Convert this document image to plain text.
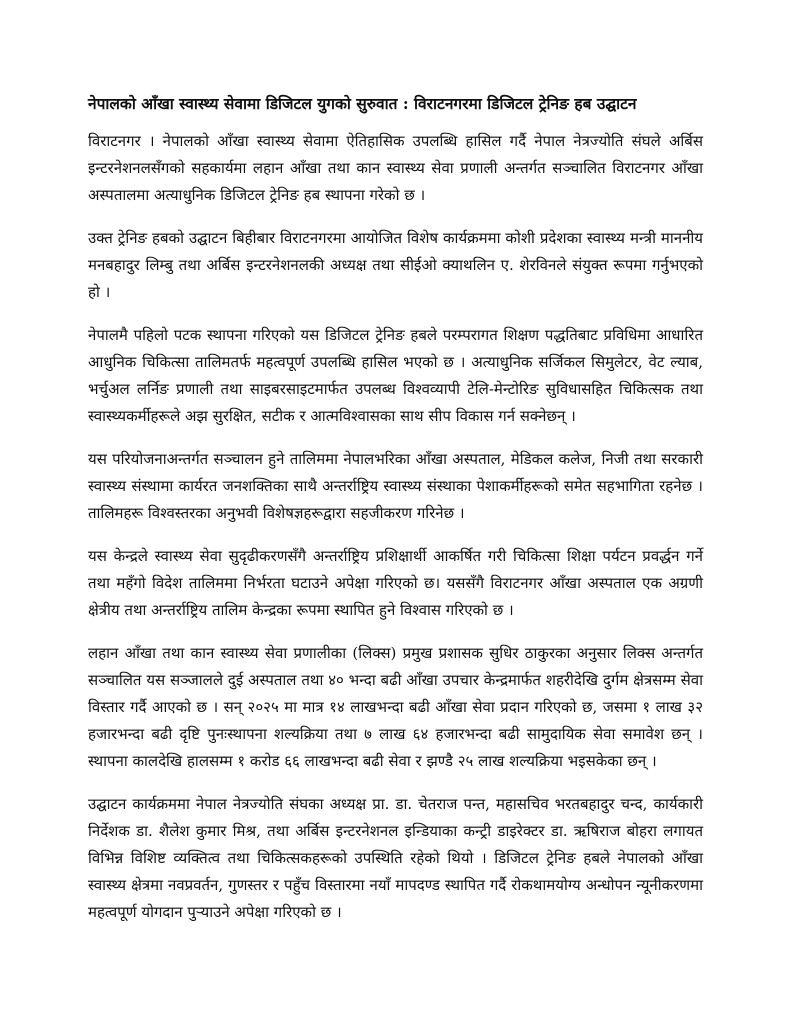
नेपालको आँखा स्वास्थ्य सेवामा डिजिटल युगको सुरुवात : विराटनगरमा डिजिटल ट्रेनिङ हब उद्घाटन

विराटनगर । नेपालको आँखा स्वास्थ्य सेवामा ऐतिहासिक उपलब्धि हासिल गर्दै नेपाल नेत्रज्योति संघले अर्बिस इन्टरनेशनलसँगको सहकार्यमा लहान आँखा तथा कान स्वास्थ्य सेवा प्रणाली अन्तर्गत सञ्चालित विराटनगर आँखा अस्पतालमा अत्याधुनिक डिजिटल ट्रेनिङ हब स्थापना गरेको छ ।

उक्त ट्रेनिङ हबको उद्घाटन बिहीबार विराटनगरमा आयोजित विशेष कार्यक्रममा कोशी प्रदेशका स्वास्थ्य मन्त्री माननीय मनबहादुर लिम्बु तथा अर्बिस इन्टरनेशनलकी अध्यक्ष तथा सीईओ क्याथलिन ए. शेरविनले संयुक्त रूपमा गर्नुभएको हो ।

नेपालमै पहिलो पटक स्थापना गरिएको यस डिजिटल ट्रेनिङ हबले परम्परागत शिक्षण पद्धतिबाट प्रविधिमा आधारित आधुनिक चिकित्सा तालिमतर्फ महत्वपूर्ण उपलब्धि हासिल भएको छ । अत्याधुनिक सर्जिकल सिमुलेटर, वेट ल्याब, भर्चुअल लर्निङ प्रणाली तथा साइबरसाइटमार्फत उपलब्ध विश्वव्यापी टेलि-मेन्टोरिङ सुविधासहित चिकित्सक तथा स्वास्थ्यकर्मीहरूले अझ सुरक्षित, सटीक र आत्मविश्वासका साथ सीप विकास गर्न सक्नेछन् ।

यस परियोजनाअन्तर्गत सञ्चालन हुने तालिममा नेपालभरिका आँखा अस्पताल, मेडिकल कलेज, निजी तथा सरकारी स्वास्थ्य संस्थामा कार्यरत जनशक्तिका साथै अन्तर्राष्ट्रिय स्वास्थ्य संस्थाका पेशाकर्मीहरूको समेत सहभागिता रहनेछ । तालिमहरू विश्वस्तरका अनुभवी विशेषज्ञहरूद्वारा सहजीकरण गरिनेछ ।

यस केन्द्रले स्वास्थ्य सेवा सुदृढीकरणसँगै अन्तर्राष्ट्रिय प्रशिक्षार्थी आकर्षित गरी चिकित्सा शिक्षा पर्यटन प्रवर्द्धन गर्ने तथा महँगो विदेश तालिममा निर्भरता घटाउने अपेक्षा गरिएको छ। यससँगै विराटनगर आँखा अस्पताल एक अग्रणी क्षेत्रीय तथा अन्तर्राष्ट्रिय तालिम केन्द्रका रूपमा स्थापित हुने विश्वास गरिएको छ ।

लहान आँखा तथा कान स्वास्थ्य सेवा प्रणालीका (लिक्स) प्रमुख प्रशासक सुधिर ठाकुरका अनुसार लिक्स अन्तर्गत सञ्चालित यस सञ्जालले दुई अस्पताल तथा ४० भन्दा बढी आँखा उपचार केन्द्रमार्फत शहरीदेखि दुर्गम क्षेत्रसम्म सेवा विस्तार गर्दै आएको छ । सन् २०२५ मा मात्र १४ लाखभन्दा बढी आँखा सेवा प्रदान गरिएको छ, जसमा १ लाख ३२ हजारभन्दा बढी दृष्टि पुनःस्थापना शल्यक्रिया तथा ७ लाख ६४ हजारभन्दा बढी सामुदायिक सेवा समावेश छन् । स्थापना कालदेखि हालसम्म १ करोड ६६ लाखभन्दा बढी सेवा र झण्डै २५ लाख शल्यक्रिया भइसकेका छन् ।

उद्घाटन कार्यक्रममा नेपाल नेत्रज्योति संघका अध्यक्ष प्रा. डा. चेतराज पन्त, महासचिव भरतबहादुर चन्द, कार्यकारी निर्देशक डा. शैलेश कुमार मिश्र, तथा अर्बिस इन्टरनेशनल इन्डियाका कन्ट्री डाइरेक्टर डा. ऋषिराज बोहरा लगायत विभिन्न विशिष्ट व्यक्तित्व तथा चिकित्सकहरूको उपस्थिति रहेको थियो । डिजिटल ट्रेनिङ हबले नेपालको आँखा स्वास्थ्य क्षेत्रमा नवप्रवर्तन, गुणस्तर र पहुँच विस्तारमा नयाँ मापदण्ड स्थापित गर्दै रोकथामयोग्य अन्धोपन न्यूनीकरणमा महत्वपूर्ण योगदान पुऱ्याउने अपेक्षा गरिएको छ ।
